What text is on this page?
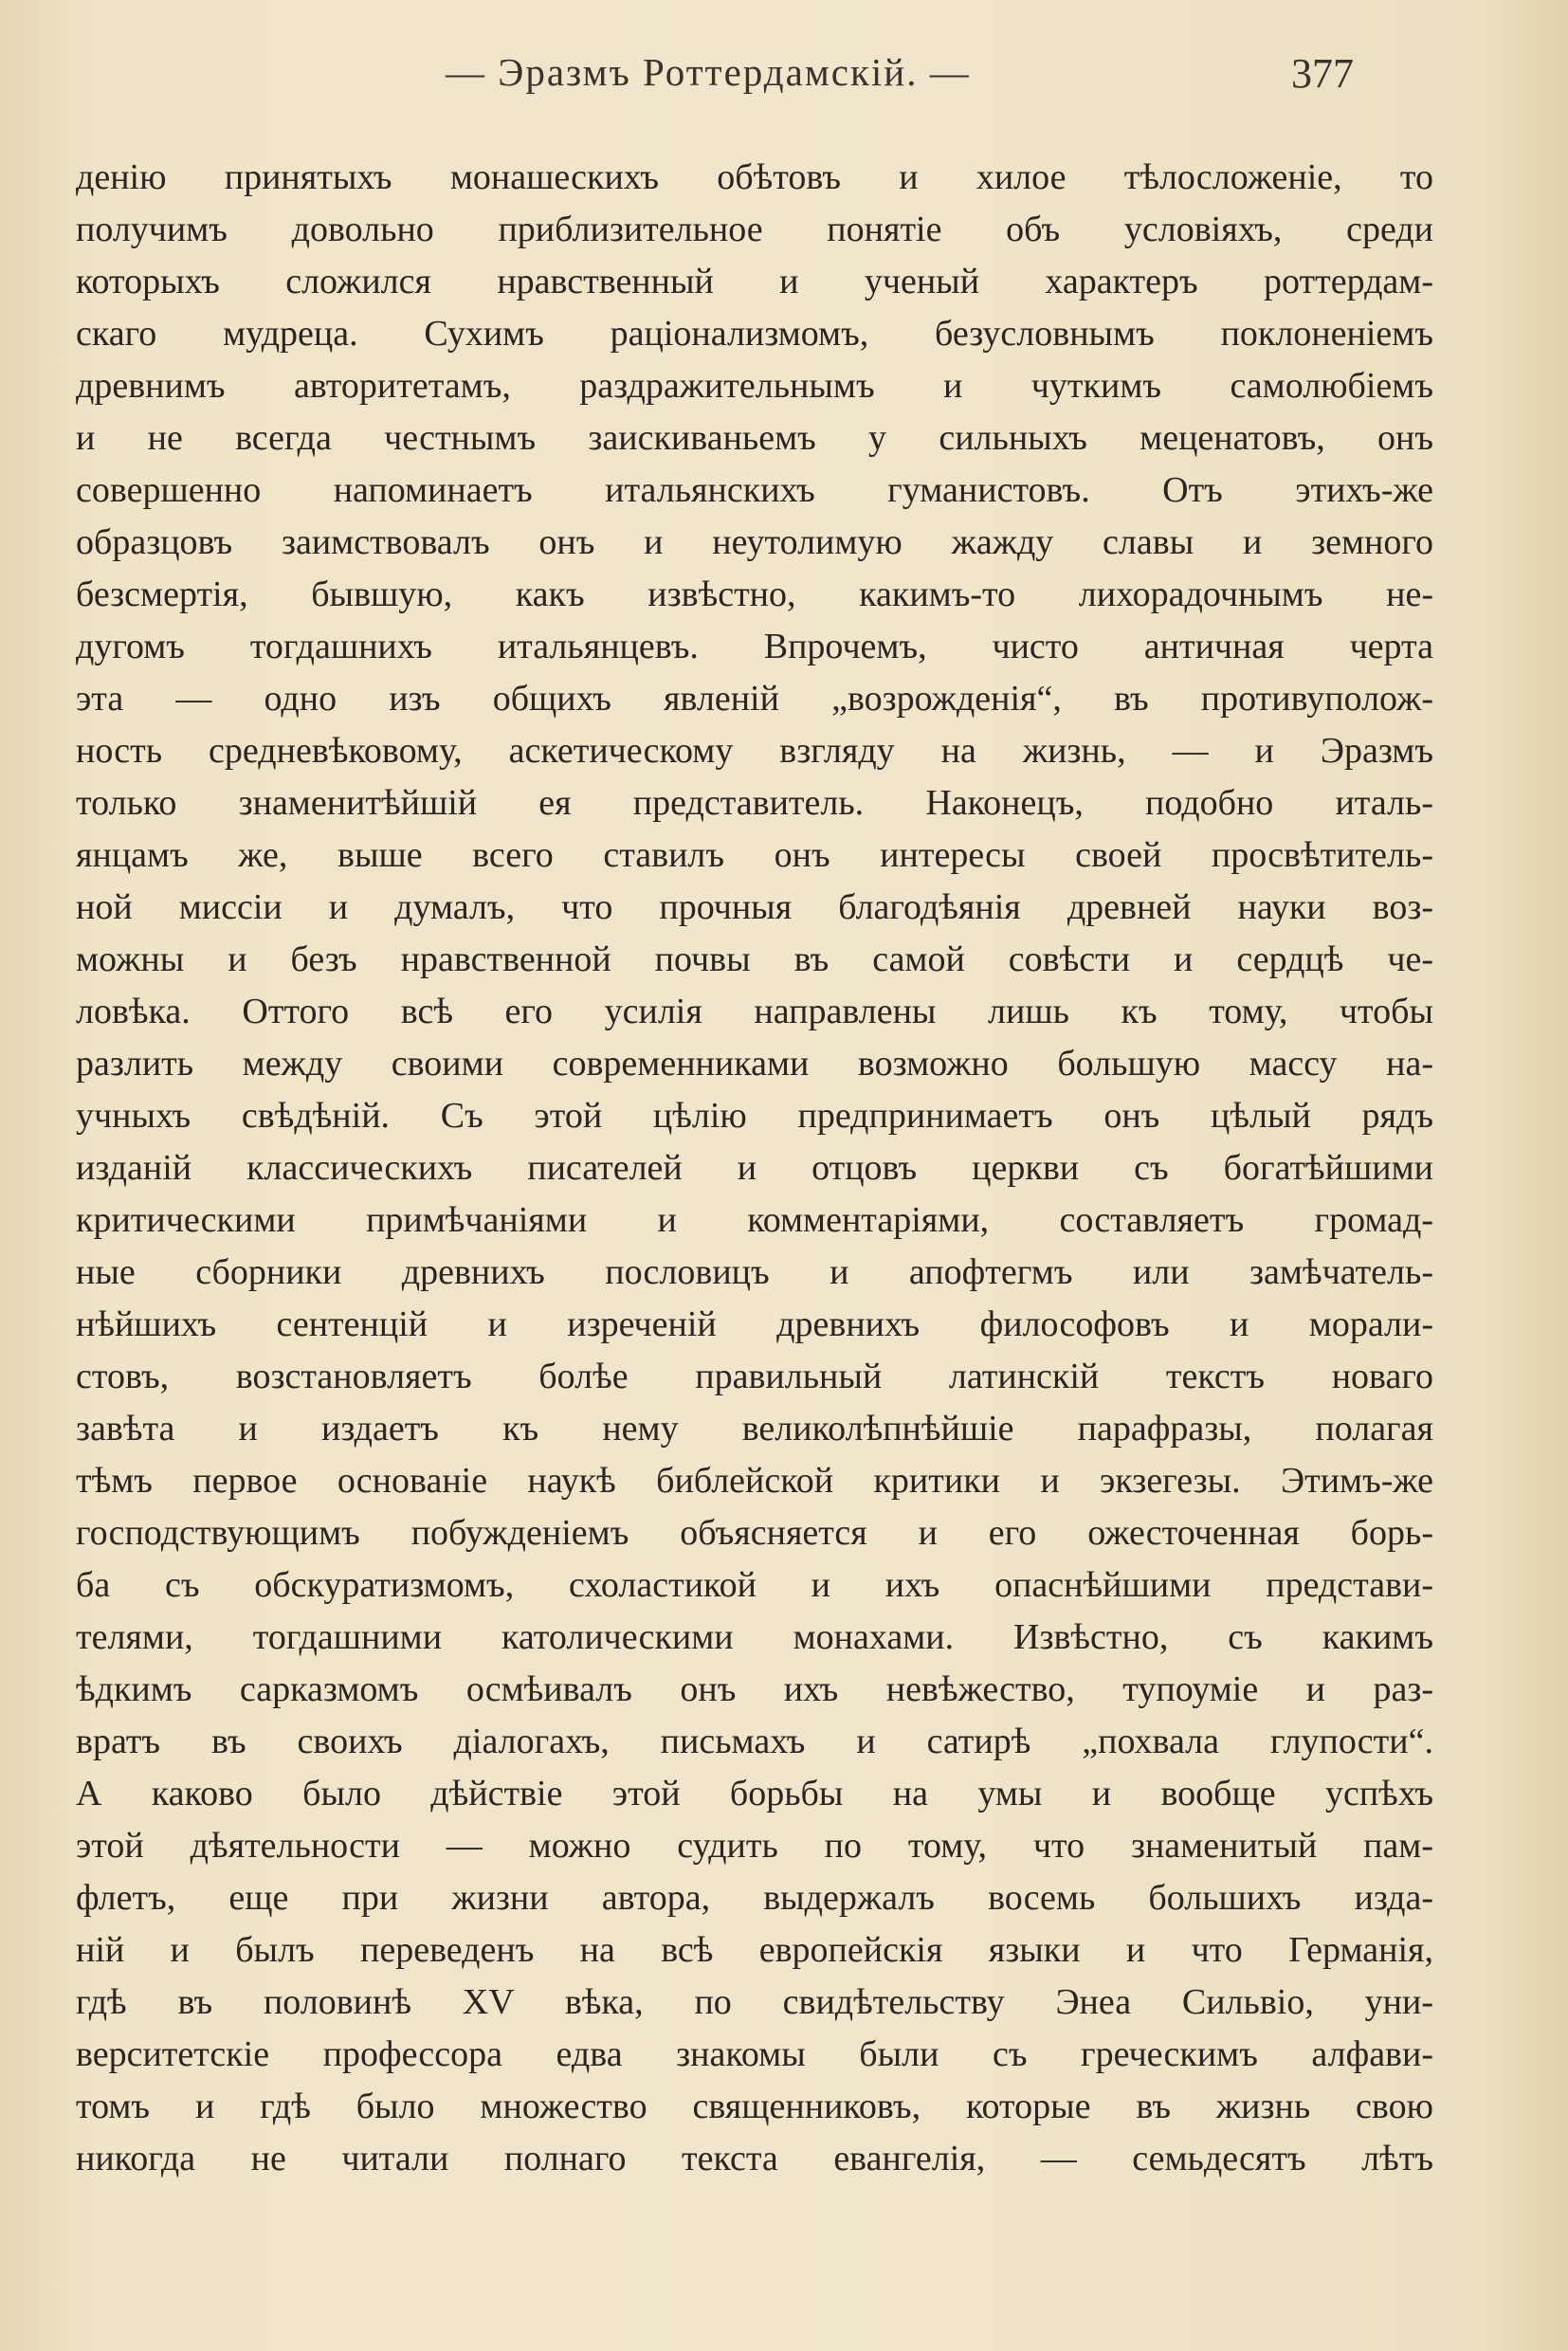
— Эразмъ Роттердамскій. —	377
денію принятыхъ монашескихъ обѣтовъ и хилое тѣлосложеніе, то
получимъ довольно приблизительное понятіе объ условіяхъ, среди
которыхъ сложился нравственный и ученый характеръ роттердам-
скаго мудреца. Сухимъ раціонализмомъ, безусловнымъ поклоненіемъ
древнимъ авторитетамъ, раздражительнымъ и чуткимъ самолюбіемъ
и не всегда честнымъ заискиваньемъ у сильныхъ меценатовъ, онъ
совершенно напоминаетъ итальянскихъ гуманистовъ. Отъ этихъ-же
образцовъ заимствовалъ онъ и неутолимую жажду славы и земного
безсмертія, бывшую, какъ извѣстно, какимъ-то лихорадочнымъ не-
дугомъ тогдашнихъ итальянцевъ. Впрочемъ, чисто античная черта
эта — одно изъ общихъ явленій „возрожденія“, въ противуполож-
ность средневѣковому, аскетическому взгляду на жизнь, — и Эразмъ
только знаменитѣйшій ея представитель. Наконецъ, подобно италь-
янцамъ же, выше всего ставилъ онъ интересы своей просвѣтитель-
ной миссіи и думалъ, что прочныя благодѣянія древней науки воз-
можны и безъ нравственной почвы въ самой совѣсти и сердцѣ че-
ловѣка. Оттого всѣ его усилія направлены лишь къ тому, чтобы
разлить между своими современниками возможно большую массу на-
учныхъ свѣдѣній. Съ этой цѣлію предпринимаетъ онъ цѣлый рядъ
изданій классическихъ писателей и отцовъ церкви съ богатѣйшими
критическими примѣчаніями и комментаріями, составляетъ громад-
ные сборники древнихъ пословицъ и апофтегмъ или замѣчатель-
нѣйшихъ сентенцій и изреченій древнихъ философовъ и морали-
стовъ, возстановляетъ болѣе правильный латинскій текстъ новаго
завѣта и издаетъ къ нему великолѣпнѣйшіе парафразы, полагая
тѣмъ первое основаніе наукѣ библейской критики и экзегезы. Этимъ-же
господствующимъ побужденіемъ объясняется и его ожесточенная борь-
ба съ обскуратизмомъ, схоластикой и ихъ опаснѣйшими представи-
телями, тогдашними католическими монахами. Извѣстно, съ какимъ
ѣдкимъ сарказмомъ осмѣивалъ онъ ихъ невѣжество, тупоуміе и раз-
вратъ въ своихъ діалогахъ, письмахъ и сатирѣ „похвала глупости“.
А каково было дѣйствіе этой борьбы на умы и вообще успѣхъ
этой дѣятельности — можно судить по тому, что знаменитый пам-
флетъ, еще при жизни автора, выдержалъ восемь большихъ изда-
ній и былъ переведенъ на всѣ европейскія языки и что Германія,
гдѣ въ половинѣ XV вѣка, по свидѣтельству Энеа Сильвіо, уни-
верситетскіе профессора едва знакомы были съ греческимъ алфави-
томъ и гдѣ было множество священниковъ, которые въ жизнь свою
никогда не читали полнаго текста евангелія, — семьдесятъ лѣтъ
